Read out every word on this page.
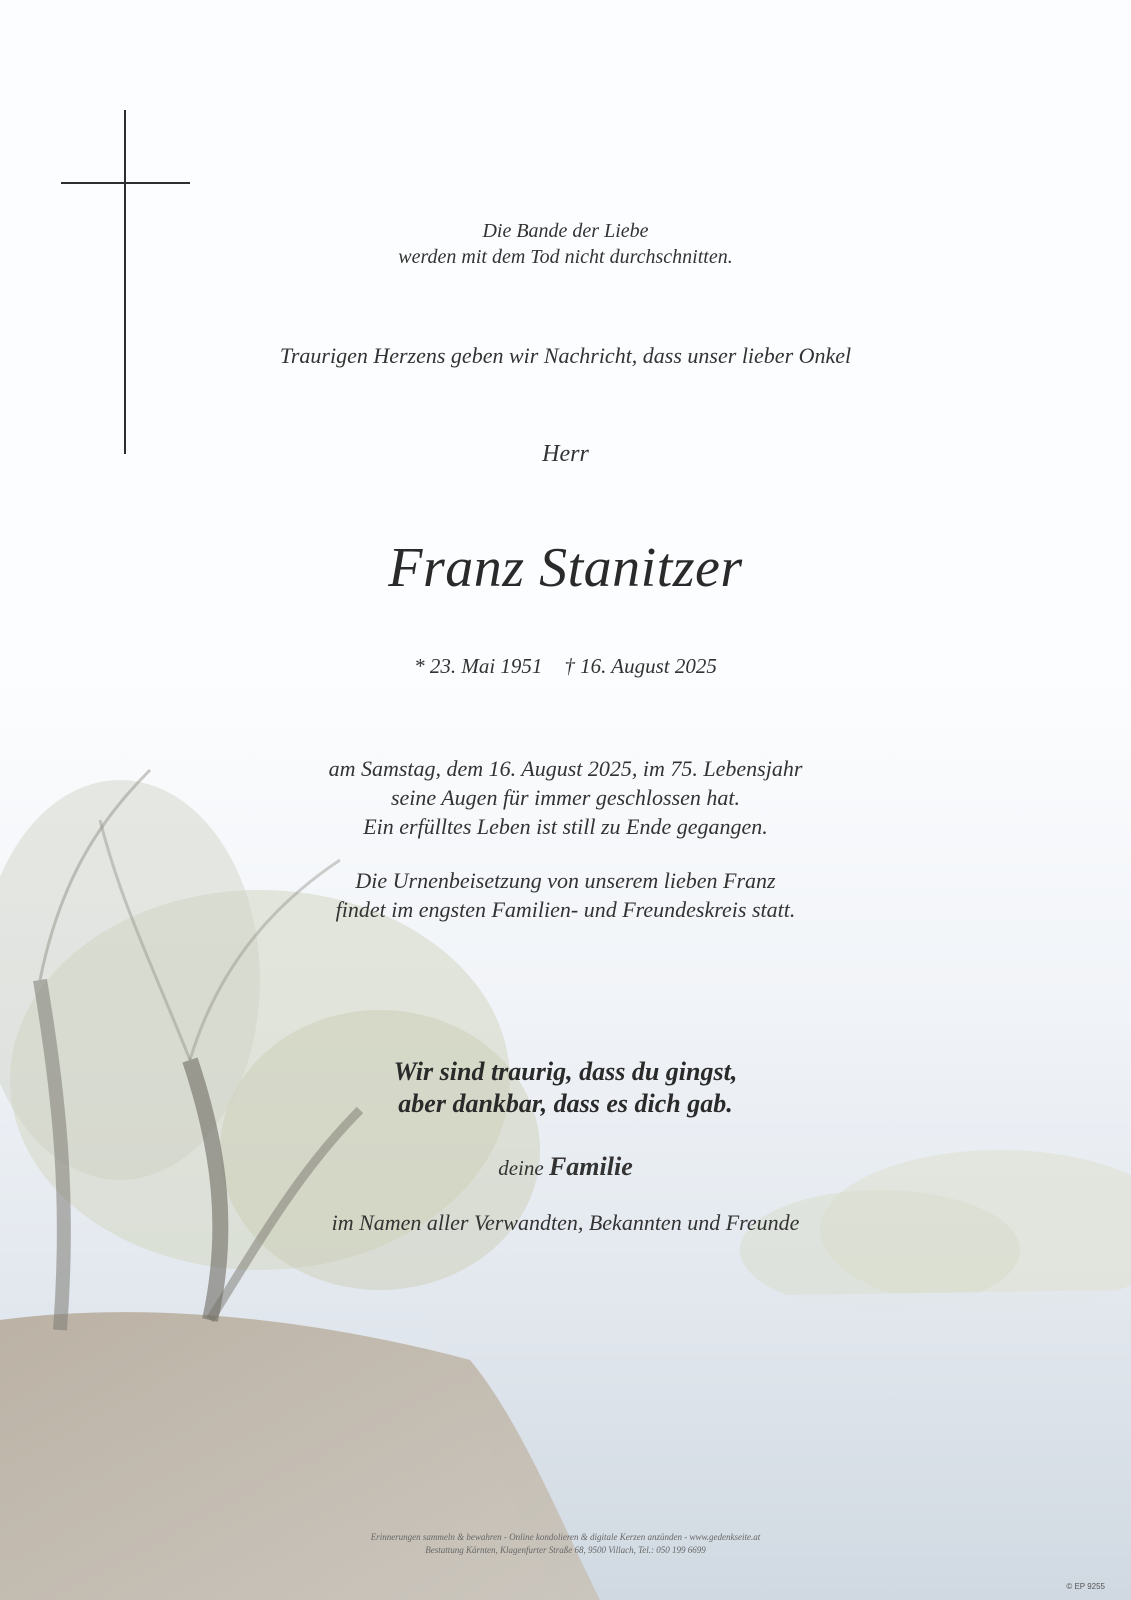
Die Bande der Liebe
werden mit dem Tod nicht durchschnitten.
Traurigen Herzens geben wir Nachricht, dass unser lieber Onkel
Herr
Franz Stanitzer
* 23. Mai 1951 † 16. August 2025
am Samstag, dem 16. August 2025, im 75. Lebensjahr
seine Augen für immer geschlossen hat.
Ein erfülltes Leben ist still zu Ende gegangen.
Die Urnenbeisetzung von unserem lieben Franz
findet im engsten Familien- und Freundeskreis statt.
Wir sind traurig, dass du gingst,
aber dankbar, dass es dich gab.
deine Familie
im Namen aller Verwandten, Bekannten und Freunde
Erinnerungen sammeln & bewahren - Online kondolieren & digitale Kerzen anzünden - www.gedenkseite.at
Bestattung Kärnten, Klagenfurter Straße 68, 9500 Villach, Tel.: 050 199 6699
© EP 9255
